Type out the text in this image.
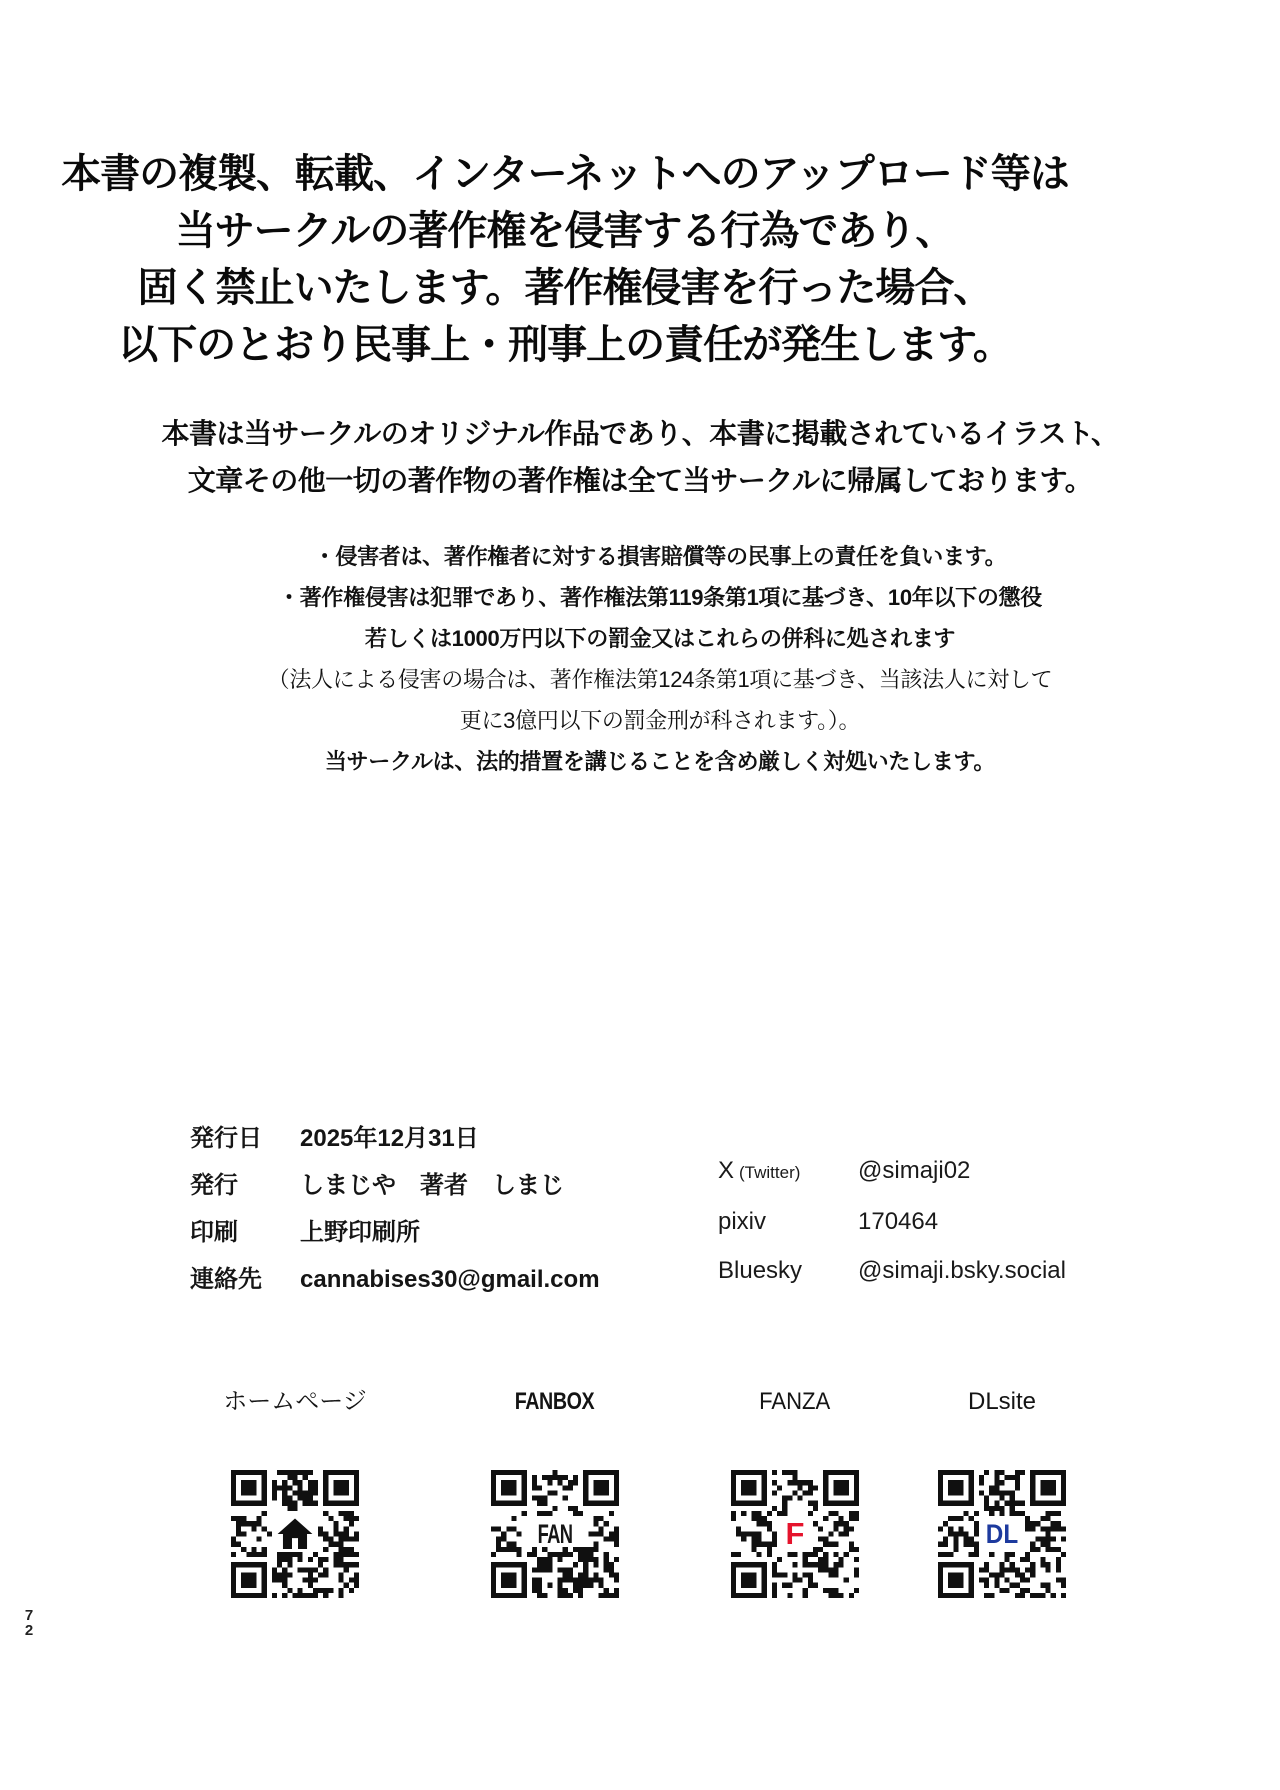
本書の複製、転載、インターネットへのアップロード等は
当サークルの著作権を侵害する行為であり、
固く禁止いたします。著作権侵害を行った場合、
以下のとおり民事上・刑事上の責任が発生します。
本書は当サークルのオリジナル作品であり、本書に掲載されているイラスト、
文章その他一切の著作物の著作権は全て当サークルに帰属しております。
・侵害者は、著作権者に対する損害賠償等の民事上の責任を負います。
・著作権侵害は犯罪であり、著作権法第119条第1項に基づき、10年以下の懲役
若しくは1000万円以下の罰金又はこれらの併科に処されます
（法人による侵害の場合は、著作権法第124条第1項に基づき、当該法人に対して
更に3億円以下の罰金刑が科されます。）。
当サークルは、法的措置を講じることを含め厳しく対処いたします。
発行日	2025年12月31日
発行	しまじや　著者　しまじ
印刷	上野印刷所
連絡先	cannabises30@gmail.com
X (Twitter)	@simaji02
pixiv	170464
Bluesky	@simaji.bsky.social
ホームページ	FANBOX
FAN
FANZA
F
DLsite
DL
7
2
